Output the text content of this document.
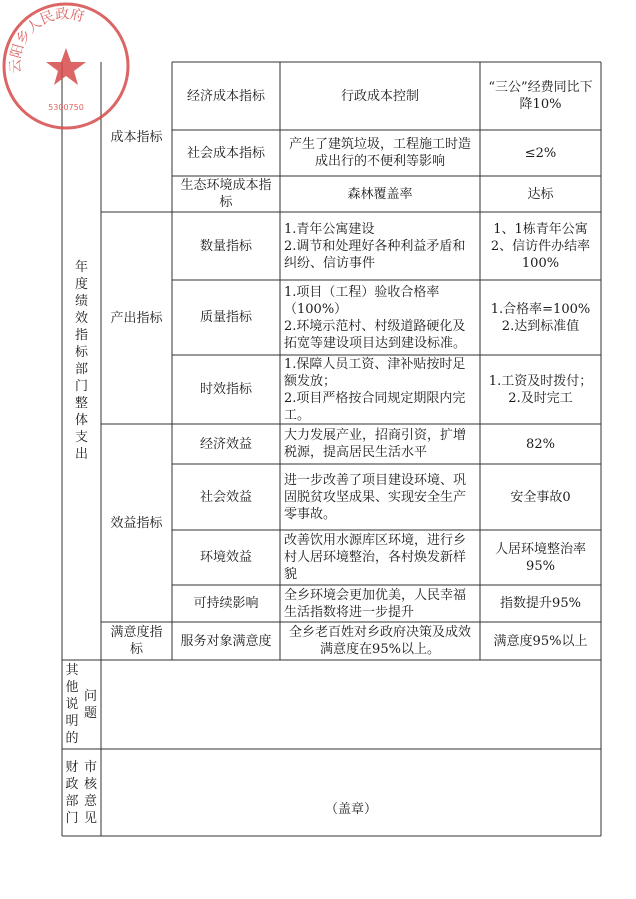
云阳乡人民政府
5300750
年
度
绩
效
指
标
部
门
整
体
支
出
成本指标
产出指标
效益指标
满意度指标
经济成本指标	行政成本控制
“三公”经费同比下降10%
社会成本指标
产生了建筑垃圾，工程施工时造成出行的不便利等影响
≤2%
生态环境成本指标
森林覆盖率	达标
数量指标
1.青年公寓建设
2.调节和处理好各种利益矛盾和纠纷、信访事件
1、1栋青年公寓
2、信访件办结率100%
质量指标
1.项目（工程）验收合格率（100%）
2.环境示范村、村级道路硬化及拓宽等建设项目达到建设标准。
1.合格率=100%
2.达到标准值
时效指标
1.保障人员工资、津补贴按时足额发放；
2.项目严格按合同规定期限内完工。
1.工资及时拨付；
2.及时完工
经济效益
大力发展产业，招商引资，扩增税源，提高居民生活水平
82%
社会效益
进一步改善了项目建设环境、巩固脱贫攻坚成果、实现安全生产零事故。
安全事故0
环境效益
改善饮用水源库区环境，进行乡村人居环境整治，各村焕发新样貌
人居环境整治率95%
可持续影响
全乡环境会更加优美，人民幸福生活指数将进一步提升
指数提升95%
服务对象满意度
全乡老百姓对乡政府决策及成效满意度在95%以上。
满意度95%以上
其
他
说
明
的
问
题
财
政
部
门
市
核
意
见
（盖章）
